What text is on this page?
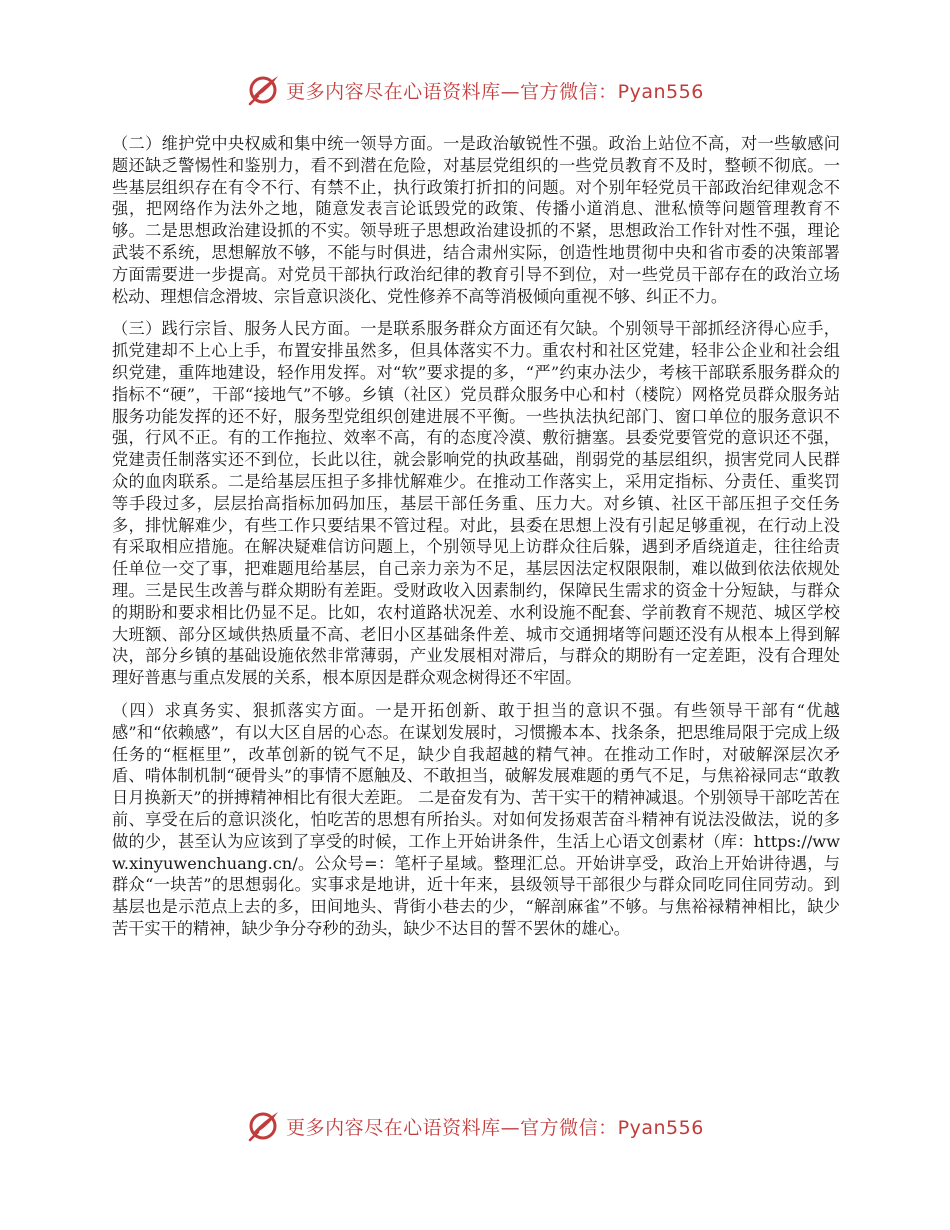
更多内容尽在心语资料库—官方微信：Pyan556

（二）维护党中央权威和集中统一领导方面。一是政治敏锐性不强。政治上站位不高，对一些敏感问题还缺乏警惕性和鉴别力，看不到潜在危险，对基层党组织的一些党员教育不及时，整顿不彻底。一些基层组织存在有令不行、有禁不止，执行政策打折扣的问题。对个别年轻党员干部政治纪律观念不强，把网络作为法外之地，随意发表言论诋毁党的政策、传播小道消息、泄私愤等问题管理教育不够。二是思想政治建设抓的不实。领导班子思想政治建设抓的不紧，思想政治工作针对性不强，理论武装不系统，思想解放不够，不能与时俱进，结合肃州实际，创造性地贯彻中央和省市委的决策部署方面需要进一步提高。对党员干部执行政治纪律的教育引导不到位，对一些党员干部存在的政治立场松动、理想信念滑坡、宗旨意识淡化、党性修养不高等消极倾向重视不够、纠正不力。

（三）践行宗旨、服务人民方面。一是联系服务群众方面还有欠缺。个别领导干部抓经济得心应手，抓党建却不上心上手，布置安排虽然多，但具体落实不力。重农村和社区党建，轻非公企业和社会组织党建，重阵地建设，轻作用发挥。对“软”要求提的多，“严”约束办法少，考核干部联系服务群众的指标不“硬”，干部“接地气”不够。乡镇（社区）党员群众服务中心和村（楼院）网格党员群众服务站服务功能发挥的还不好，服务型党组织创建进展不平衡。一些执法执纪部门、窗口单位的服务意识不强，行风不正。有的工作拖拉、效率不高，有的态度冷漠、敷衍搪塞。县委党要管党的意识还不强，党建责任制落实还不到位，长此以往，就会影响党的执政基础，削弱党的基层组织，损害党同人民群众的血肉联系。二是给基层压担子多排忧解难少。在推动工作落实上，采用定指标、分责任、重奖罚等手段过多，层层抬高指标加码加压，基层干部任务重、压力大。对乡镇、社区干部压担子交任务多，排忧解难少，有些工作只要结果不管过程。对此，县委在思想上没有引起足够重视，在行动上没有采取相应措施。在解决疑难信访问题上，个别领导见上访群众往后躲，遇到矛盾绕道走，往往给责任单位一交了事，把难题甩给基层，自己亲力亲为不足，基层因法定权限限制，难以做到依法依规处理。三是民生改善与群众期盼有差距。受财政收入因素制约，保障民生需求的资金十分短缺，与群众的期盼和要求相比仍显不足。比如，农村道路状况差、水利设施不配套、学前教育不规范、城区学校大班额、部分区域供热质量不高、老旧小区基础条件差、城市交通拥堵等问题还没有从根本上得到解决，部分乡镇的基础设施依然非常薄弱，产业发展相对滞后，与群众的期盼有一定差距，没有合理处理好普惠与重点发展的关系，根本原因是群众观念树得还不牢固。

（四）求真务实、狠抓落实方面。一是开拓创新、敢于担当的意识不强。有些领导干部有“优越感”和“依赖感”，有以大区自居的心态。在谋划发展时，习惯搬本本、找条条，把思维局限于完成上级任务的“框框里”，改革创新的锐气不足，缺少自我超越的精气神。在推动工作时，对破解深层次矛盾、啃体制机制“硬骨头”的事情不愿触及、不敢担当，破解发展难题的勇气不足，与焦裕禄同志“敢教日月换新天”的拼搏精神相比有很大差距。 二是奋发有为、苦干实干的精神减退。个别领导干部吃苦在前、享受在后的意识淡化，怕吃苦的思想有所抬头。对如何发扬艰苦奋斗精神有说法没做法，说的多做的少，甚至认为应该到了享受的时候，工作上开始讲条件，生活上心语文创素材（库：https://www.xinyuwenchuang.cn/。公众号=：笔杆子星域。整理汇总。开始讲享受，政治上开始讲待遇，与群众“一块苦”的思想弱化。实事求是地讲，近十年来，县级领导干部很少与群众同吃同住同劳动。到基层也是示范点上去的多，田间地头、背街小巷去的少，“解剖麻雀”不够。与焦裕禄精神相比，缺少苦干实干的精神，缺少争分夺秒的劲头，缺少不达目的誓不罢休的雄心。

更多内容尽在心语资料库—官方微信：Pyan556
